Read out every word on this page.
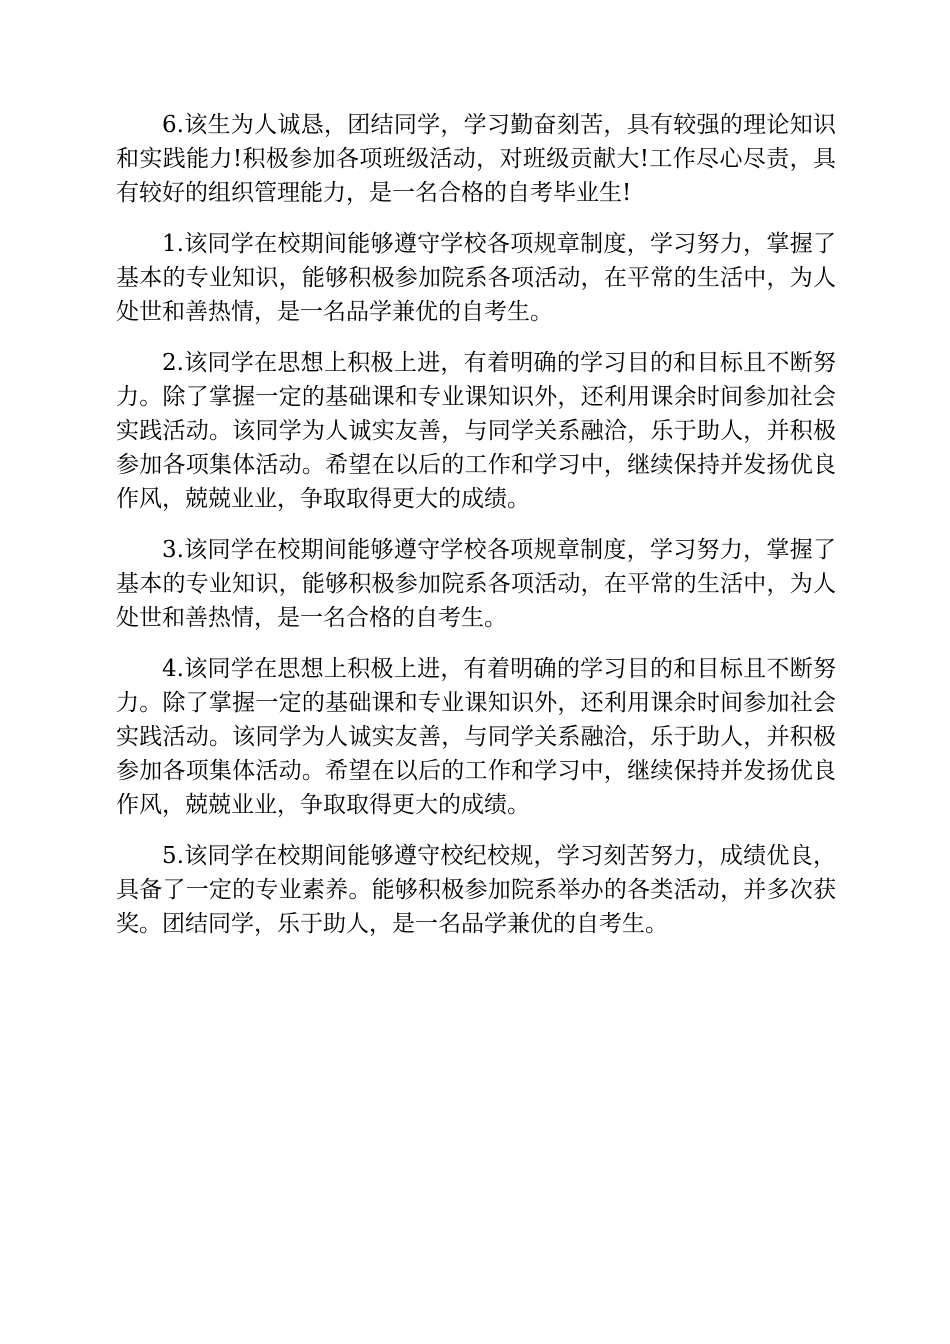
6.该生为人诚恳，团结同学，学习勤奋刻苦，具有较强的理论知识和实践能力!积极参加各项班级活动，对班级贡献大!工作尽心尽责，具有较好的组织管理能力，是一名合格的自考毕业生!

1.该同学在校期间能够遵守学校各项规章制度，学习努力，掌握了基本的专业知识，能够积极参加院系各项活动，在平常的生活中，为人处世和善热情，是一名品学兼优的自考生。

2.该同学在思想上积极上进，有着明确的学习目的和目标且不断努力。除了掌握一定的基础课和专业课知识外，还利用课余时间参加社会实践活动。该同学为人诚实友善，与同学关系融洽，乐于助人，并积极参加各项集体活动。希望在以后的工作和学习中，继续保持并发扬优良作风，兢兢业业，争取取得更大的成绩。

3.该同学在校期间能够遵守学校各项规章制度，学习努力，掌握了基本的专业知识，能够积极参加院系各项活动，在平常的生活中，为人处世和善热情，是一名合格的自考生。

4.该同学在思想上积极上进，有着明确的学习目的和目标且不断努力。除了掌握一定的基础课和专业课知识外，还利用课余时间参加社会实践活动。该同学为人诚实友善，与同学关系融洽，乐于助人，并积极参加各项集体活动。希望在以后的工作和学习中，继续保持并发扬优良作风，兢兢业业，争取取得更大的成绩。

5.该同学在校期间能够遵守校纪校规，学习刻苦努力，成绩优良，具备了一定的专业素养。能够积极参加院系举办的各类活动，并多次获奖。团结同学，乐于助人，是一名品学兼优的自考生。
